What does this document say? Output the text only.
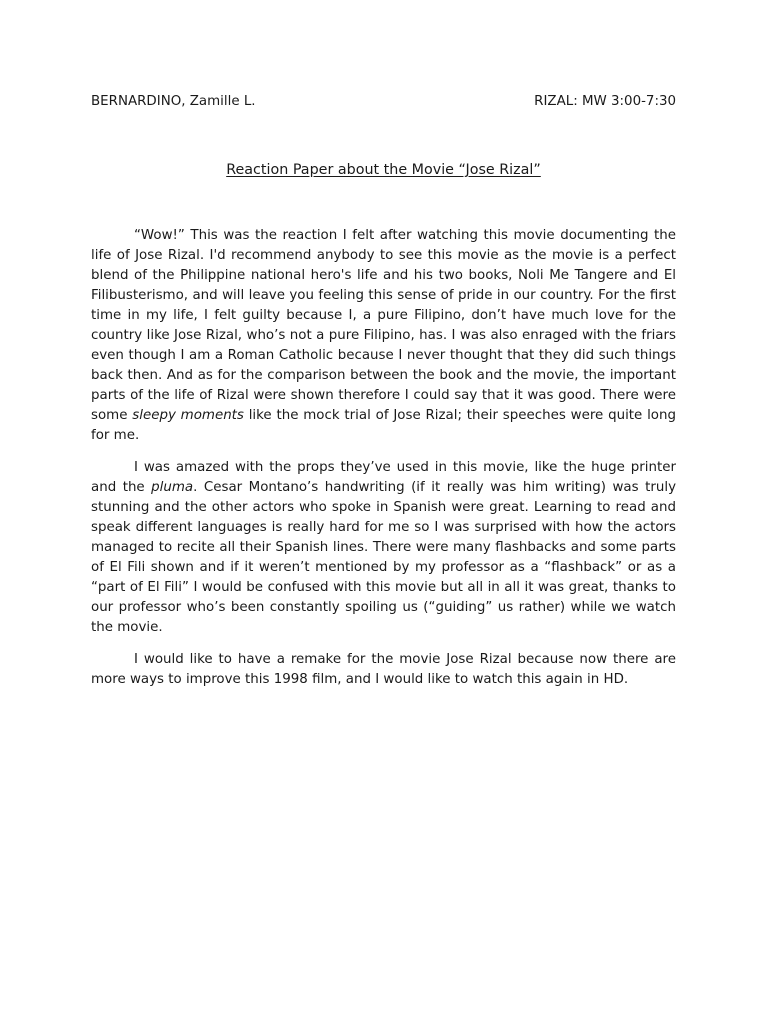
BERNARDINO, Zamille L.	RIZAL: MW 3:00-7:30

Reaction Paper about the Movie “Jose Rizal”

“Wow!” This was the reaction I felt after watching this movie documenting the life of Jose Rizal. I'd recommend anybody to see this movie as the movie is a perfect blend of the Philippine national hero's life and his two books, Noli Me Tangere and El Filibusterismo, and will leave you feeling this sense of pride in our country. For the first time in my life, I felt guilty because I, a pure Filipino, don’t have much love for the country like Jose Rizal, who’s not a pure Filipino, has. I was also enraged with the friars even though I am a Roman Catholic because I never thought that they did such things back then. And as for the comparison between the book and the movie, the important parts of the life of Rizal were shown therefore I could say that it was good. There were some sleepy moments like the mock trial of Jose Rizal; their speeches were quite long for me.

I was amazed with the props they’ve used in this movie, like the huge printer and the pluma. Cesar Montano’s handwriting (if it really was him writing) was truly stunning and the other actors who spoke in Spanish were great. Learning to read and speak different languages is really hard for me so I was surprised with how the actors managed to recite all their Spanish lines. There were many flashbacks and some parts of El Fili shown and if it weren’t mentioned by my professor as a “flashback” or as a “part of El Fili” I would be confused with this movie but all in all it was great, thanks to our professor who’s been constantly spoiling us (“guiding” us rather) while we watch the movie.

I would like to have a remake for the movie Jose Rizal because now there are more ways to improve this 1998 film, and I would like to watch this again in HD.
